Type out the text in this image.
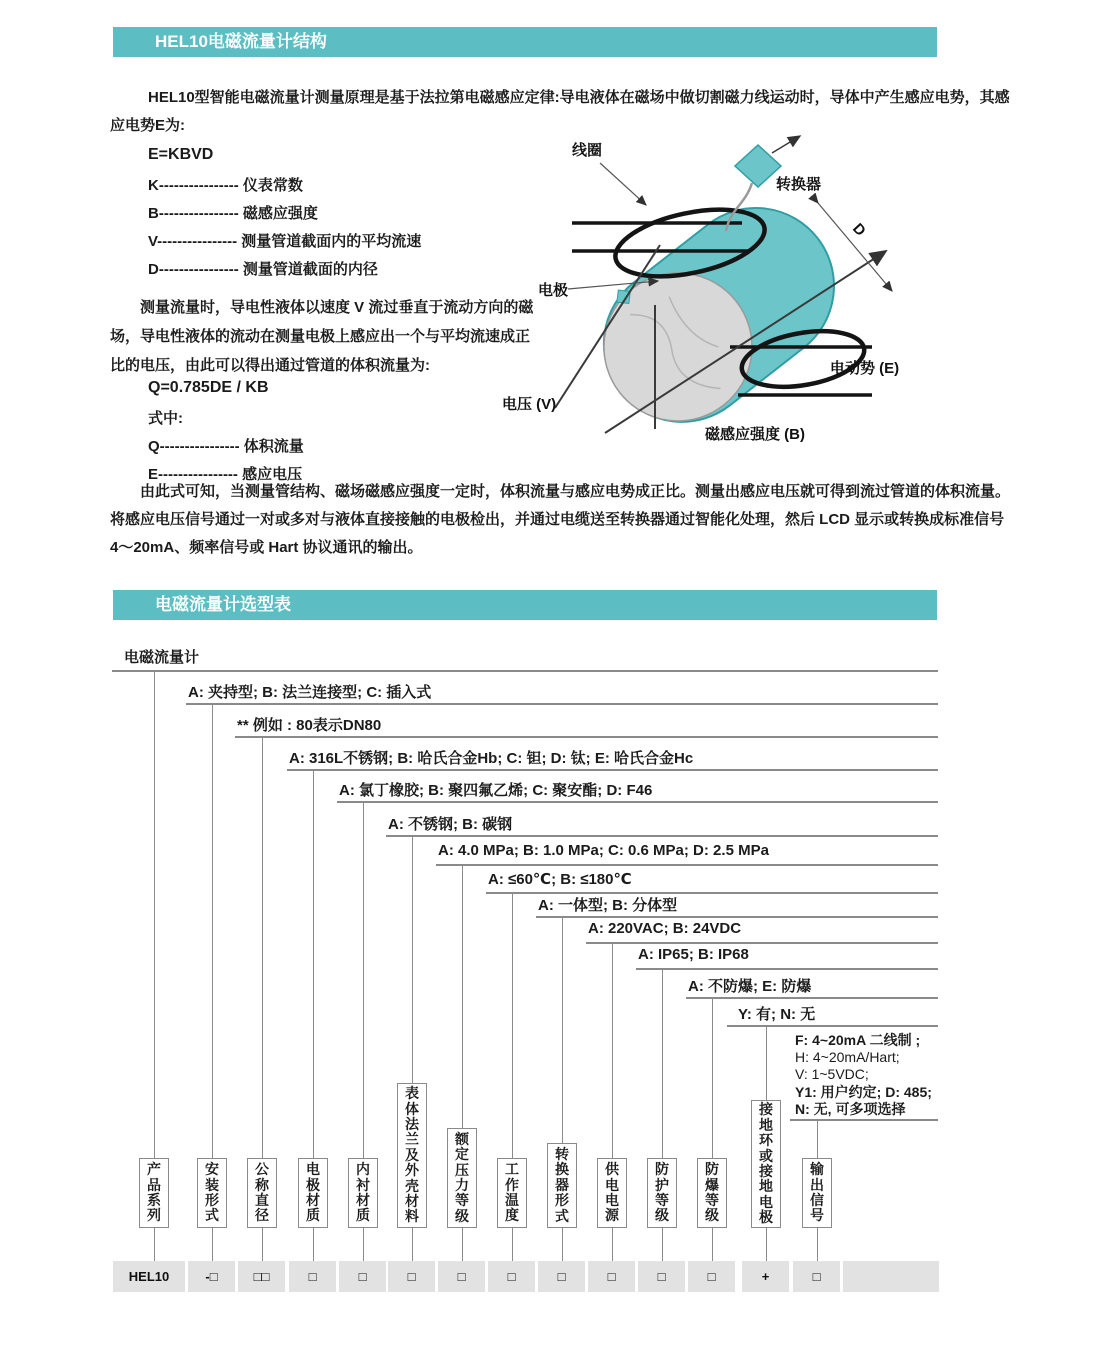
HEL10电磁流量计结构
HEL10型智能电磁流量计测量原理是基于法拉第电磁感应定律:导电液体在磁场中做切割磁力线运动时，导体中产生感应电势，其感应电势E为:
E=KBVD
K---------------- 仪表常数
B---------------- 磁感应强度
V---------------- 测量管道截面内的平均流速
D---------------- 测量管道截面的内径
测量流量时，导电性液体以速度 V 流过垂直于流动方向的磁场，导电性液体的流动在测量电极上感应出一个与平均流速成正比的电压，由此可以得出通过管道的体积流量为:
Q=0.785DE / KB
式中:
Q---------------- 体积流量
E---------------- 感应电压
由此式可知，当测量管结构、磁场磁感应强度一定时，体积流量与感应电势成正比。测量出感应电压就可得到流过管道的体积流量。将感应电压信号通过一对或多对与液体直接接触的电极检出，并通过电缆送至转换器通过智能化处理，然后 LCD 显示或转换成标准信号 4～20mA、频率信号或 Hart 协议通讯的输出。
线圈
转换器
D
电极
电压 (V)
电动势 (E)
磁感应强度 (B)
电磁流量计选型表
电磁流量计
产
品
系
列
A: 夹持型; B: 法兰连接型; C: 插入式
安
装
形
式
** 例如 : 80表示DN80
公
称
直
径
A: 316L不锈钢; B: 哈氏合金Hb; C: 钽; D: 钛; E: 哈氏合金Hc
电
极
材
质
A: 氯丁橡胶; B: 聚四氟乙烯; C: 聚安酯; D: F46
内
衬
材
质
A: 不锈钢; B: 碳钢
表
体
法
兰
及
外
壳
材
料
A: 4.0 MPa; B: 1.0 MPa; C: 0.6 MPa; D: 2.5 MPa
额
定
压
力
等
级
A: ≤60℃; B: ≤180℃
工
作
温
度
A: 一体型; B: 分体型
转
换
器
形
式
A: 220VAC; B: 24VDC
供
电
电
源
A: IP65; B: IP68
防
护
等
级
A: 不防爆; E: 防爆
防
爆
等
级
Y: 有; N: 无
接
地
环
或
接
地
电
极
F: 4~20mA 二线制 ;
H: 4~20mA/Hart;
V: 1~5VDC;
Y1: 用户约定; D: 485;
N: 无, 可多项选择
输
出
信
号
HEL10	-□	□□	□	□	□	□	□	□	□	□	□	+	□
